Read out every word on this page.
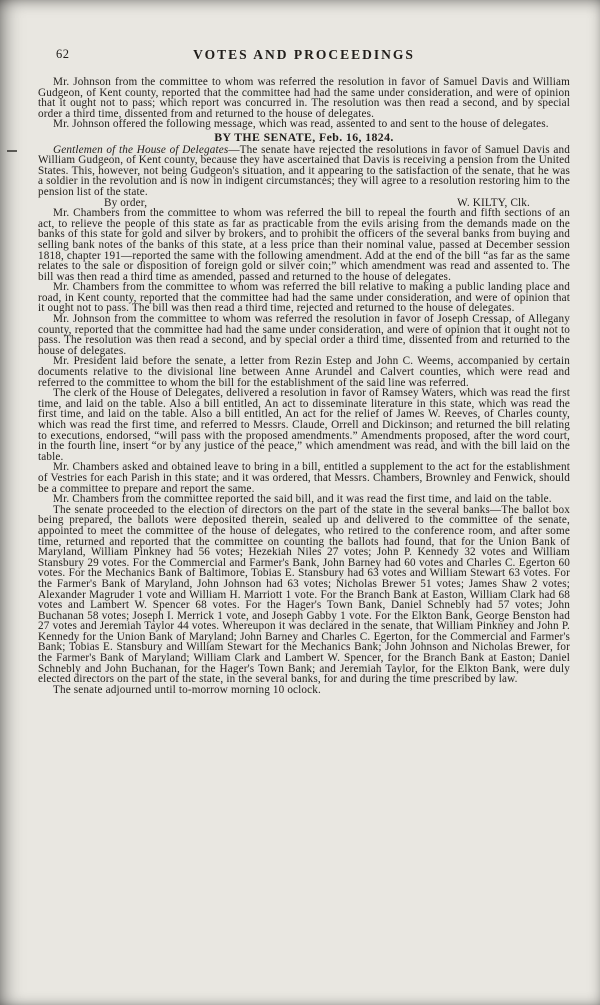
62	VOTES AND PROCEEDINGS

Mr. Johnson from the committee to whom was referred the resolution in favor of Samuel Davis and William Gudgeon, of Kent county, reported that the committee had had the same under consideration, and were of opinion that it ought not to pass; which report was concurred in. The resolution was then read a second, and by special order a third time, dissented from and returned to the house of delegates.

Mr. Johnson offered the following message, which was read, assented to and sent to the house of delegates.

BY THE SENATE, Feb. 16, 1824.

Gentlemen of the House of Delegates—The senate have rejected the resolutions in favor of Samuel Davis and William Gudgeon, of Kent county, because they have ascertained that Davis is receiving a pension from the United States. This, however, not being Gudgeon's situation, and it appearing to the satisfaction of the senate, that he was a soldier in the revolution and is now in indigent circumstances; they will agree to a resolution restoring him to the pension list of the state.

By order,	W. KILTY, Clk.

Mr. Chambers from the committee to whom was referred the bill to repeal the fourth and fifth sections of an act, to relieve the people of this state as far as practicable from the evils arising from the demands made on the banks of this state for gold and silver by brokers, and to prohibit the officers of the several banks from buying and selling bank notes of the banks of this state, at a less price than their nominal value, passed at December session 1818, chapter 191—reported the same with the following amendment. Add at the end of the bill “as far as the same relates to the sale or disposition of foreign gold or silver coin;” which amendment was read and assented to. The bill was then read a third time as amended, passed and returned to the house of delegates.

Mr. Chambers from the committee to whom was referred the bill relative to making a public landing place and road, in Kent county, reported that the committee had had the same under consideration, and were of opinion that it ought not to pass. The bill was then read a third time, rejected and returned to the house of delegates.

Mr. Johnson from the committee to whom was referred the resolution in favor of Joseph Cressap, of Allegany county, reported that the committee had had the same under consideration, and were of opinion that it ought not to pass. The resolution was then read a second, and by special order a third time, dissented from and returned to the house of delegates.

Mr. President laid before the senate, a letter from Rezin Estep and John C. Weems, accompanied by certain documents relative to the divisional line between Anne Arundel and Calvert counties, which were read and referred to the committee to whom the bill for the establishment of the said line was referred.

The clerk of the House of Delegates, delivered a resolution in favor of Ramsey Waters, which was read the first time, and laid on the table. Also a bill entitled, An act to disseminate literature in this state, which was read the first time, and laid on the table. Also a bill entitled, An act for the relief of James W. Reeves, of Charles county, which was read the first time, and referred to Messrs. Claude, Orrell and Dickinson; and returned the bill relating to executions, endorsed, “will pass with the proposed amendments.” Amendments proposed, after the word court, in the fourth line, insert “or by any justice of the peace,” which amendment was read, and with the bill laid on the table.

Mr. Chambers asked and obtained leave to bring in a bill, entitled a supplement to the act for the establishment of Vestries for each Parish in this state; and it was ordered, that Messrs. Chambers, Brownley and Fenwick, should be a committee to prepare and report the same.

Mr. Chambers from the committee reported the said bill, and it was read the first time, and laid on the table.

The senate proceeded to the election of directors on the part of the state in the several banks—The ballot box being prepared, the ballots were deposited therein, sealed up and delivered to the committee of the senate, appointed to meet the committee of the house of delegates, who retired to the conference room, and after some time, returned and reported that the committee on counting the ballots had found, that for the Union Bank of Maryland, William Pinkney had 56 votes; Hezekiah Niles 27 votes; John P. Kennedy 32 votes and William Stansbury 29 votes. For the Commercial and Farmer's Bank, John Barney had 60 votes and Charles C. Egerton 60 votes. For the Mechanics Bank of Baltimore, Tobias E. Stansbury had 63 votes and William Stewart 63 votes. For the Farmer's Bank of Maryland, John Johnson had 63 votes; Nicholas Brewer 51 votes; James Shaw 2 votes; Alexander Magruder 1 vote and William H. Marriott 1 vote. For the Branch Bank at Easton, William Clark had 68 votes and Lambert W. Spencer 68 votes. For the Hager's Town Bank, Daniel Schnebly had 57 votes; John Buchanan 58 votes; Joseph I. Merrick 1 vote, and Joseph Gabby 1 vote. For the Elkton Bank, George Benston had 27 votes and Jeremiah Taylor 44 votes. Whereupon it was declared in the senate, that William Pinkney and John P. Kennedy for the Union Bank of Maryland; John Barney and Charles C. Egerton, for the Commercial and Farmer's Bank; Tobias E. Stansbury and William Stewart for the Mechanics Bank; John Johnson and Nicholas Brewer, for the Farmer's Bank of Maryland; William Clark and Lambert W. Spencer, for the Branch Bank at Easton; Daniel Schnebly and John Buchanan, for the Hager's Town Bank; and Jeremiah Taylor, for the Elkton Bank, were duly elected directors on the part of the state, in the several banks, for and during the time prescribed by law.

The senate adjourned until to-morrow morning 10 oclock.
